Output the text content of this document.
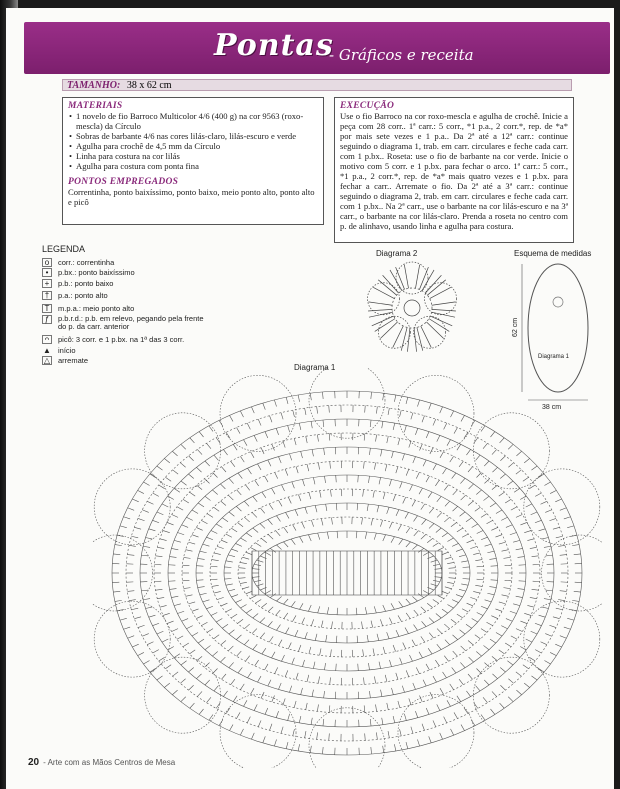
Pontas
- Gráficos e receita
TAMANHO: 38 x 62 cm
MATERIAIS
• 1 novelo de fio Barroco Multicolor 4/6 (400 g) na cor 9563 (roxo-mescla) da Círculo
• Sobras de barbante 4/6 nas cores lilás-claro, lilás-escuro e verde
• Agulha para crochê de 4,5 mm da Círculo
• Linha para costura na cor lilás
• Agulha para costura com ponta fina
PONTOS EMPREGADOS
Correntinha, ponto baixíssimo, ponto baixo, meio ponto alto, ponto alto e picô
EXECUÇÃO
Use o fio Barroco na cor roxo-mescla e agulha de crochê. Inicie a peça com 28 corr.. 1ª carr.: 5 corr., *1 p.a., 2 corr.*, rep. de *a* por mais sete vezes e 1 p.a.. Da 2ª até a 12ª carr.: continue seguindo o diagrama 1, trab. em carr. circulares e feche cada carr. com 1 p.bx.. Roseta: use o fio de barbante na cor verde. Inicie o motivo com 5 corr. e 1 p.bx. para fechar o arco. 1ª carr.: 5 corr., *1 p.a., 2 corr.*, rep. de *a* mais quatro vezes e 1 p.bx. para fechar a carr.. Arremate o fio. Da 2ª até a 3ª carr.: continue seguindo o diagrama 2, trab. em carr. circulares e feche cada carr. com 1 p.bx.. Na 2ª carr., use o barbante na cor lilás-escuro e na 3ª carr., o barbante na cor lilás-claro. Prenda a roseta no centro com p. de alinhavo, usando linha e agulha para costura.
LEGENDA
o	corr.: correntinha
•	p.bx.: ponto baixíssimo
+	p.b.: ponto baixo
†	p.a.: ponto alto
T	m.p.a.: meio ponto alto
ƒ	p.b.r.d.: p.b. em relevo, pegando pela frente do p. da carr. anterior
ᴖ	picô: 3 corr. e 1 p.bx. na 1ª das 3 corr.
▲ início
△ arremate
Diagrama 2	Esquema de medidas
Diagrama 1
62 cm
38 cm
Diagrama 1
20 - Arte com as Mãos Centros de Mesa
